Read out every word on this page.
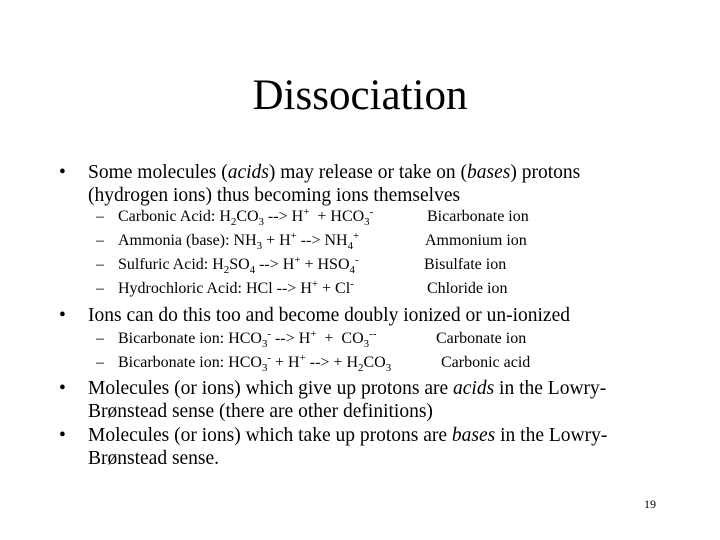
Dissociation
•	Some molecules (acids) may release or take on (bases) protons
(hydrogen ions) thus becoming ions themselves
– Carbonic Acid: $H_2CO_3$ --> $H^+ + HCO_3^-$	Bicarbonate ion
– Ammonia (base): $NH_3 + H^+$ --> $NH_4^+$	Ammonium ion
– Sulfuric Acid: $H_2SO_4$ --> $H^+ + HSO_4^-$	Bisulfate ion
– Hydrochloric Acid: HCl --> H+ + Cl-	Chloride ion
•	Ions can do this too and become doubly ionized or un-ionized
– Bicarbonate ion: $HCO_3^-$ --> $H^+ + CO_3^{--}$	Carbonate ion
– Bicarbonate ion: $HCO_3^- + H^+$ --> + $H_2CO_3$	Carbonic acid
•	Molecules (or ions) which give up protons are acids in the Lowry-
Brønstead sense (there are other definitions)
•	Molecules (or ions) which take up protons are bases in the Lowry-
Brønstead sense.
19
